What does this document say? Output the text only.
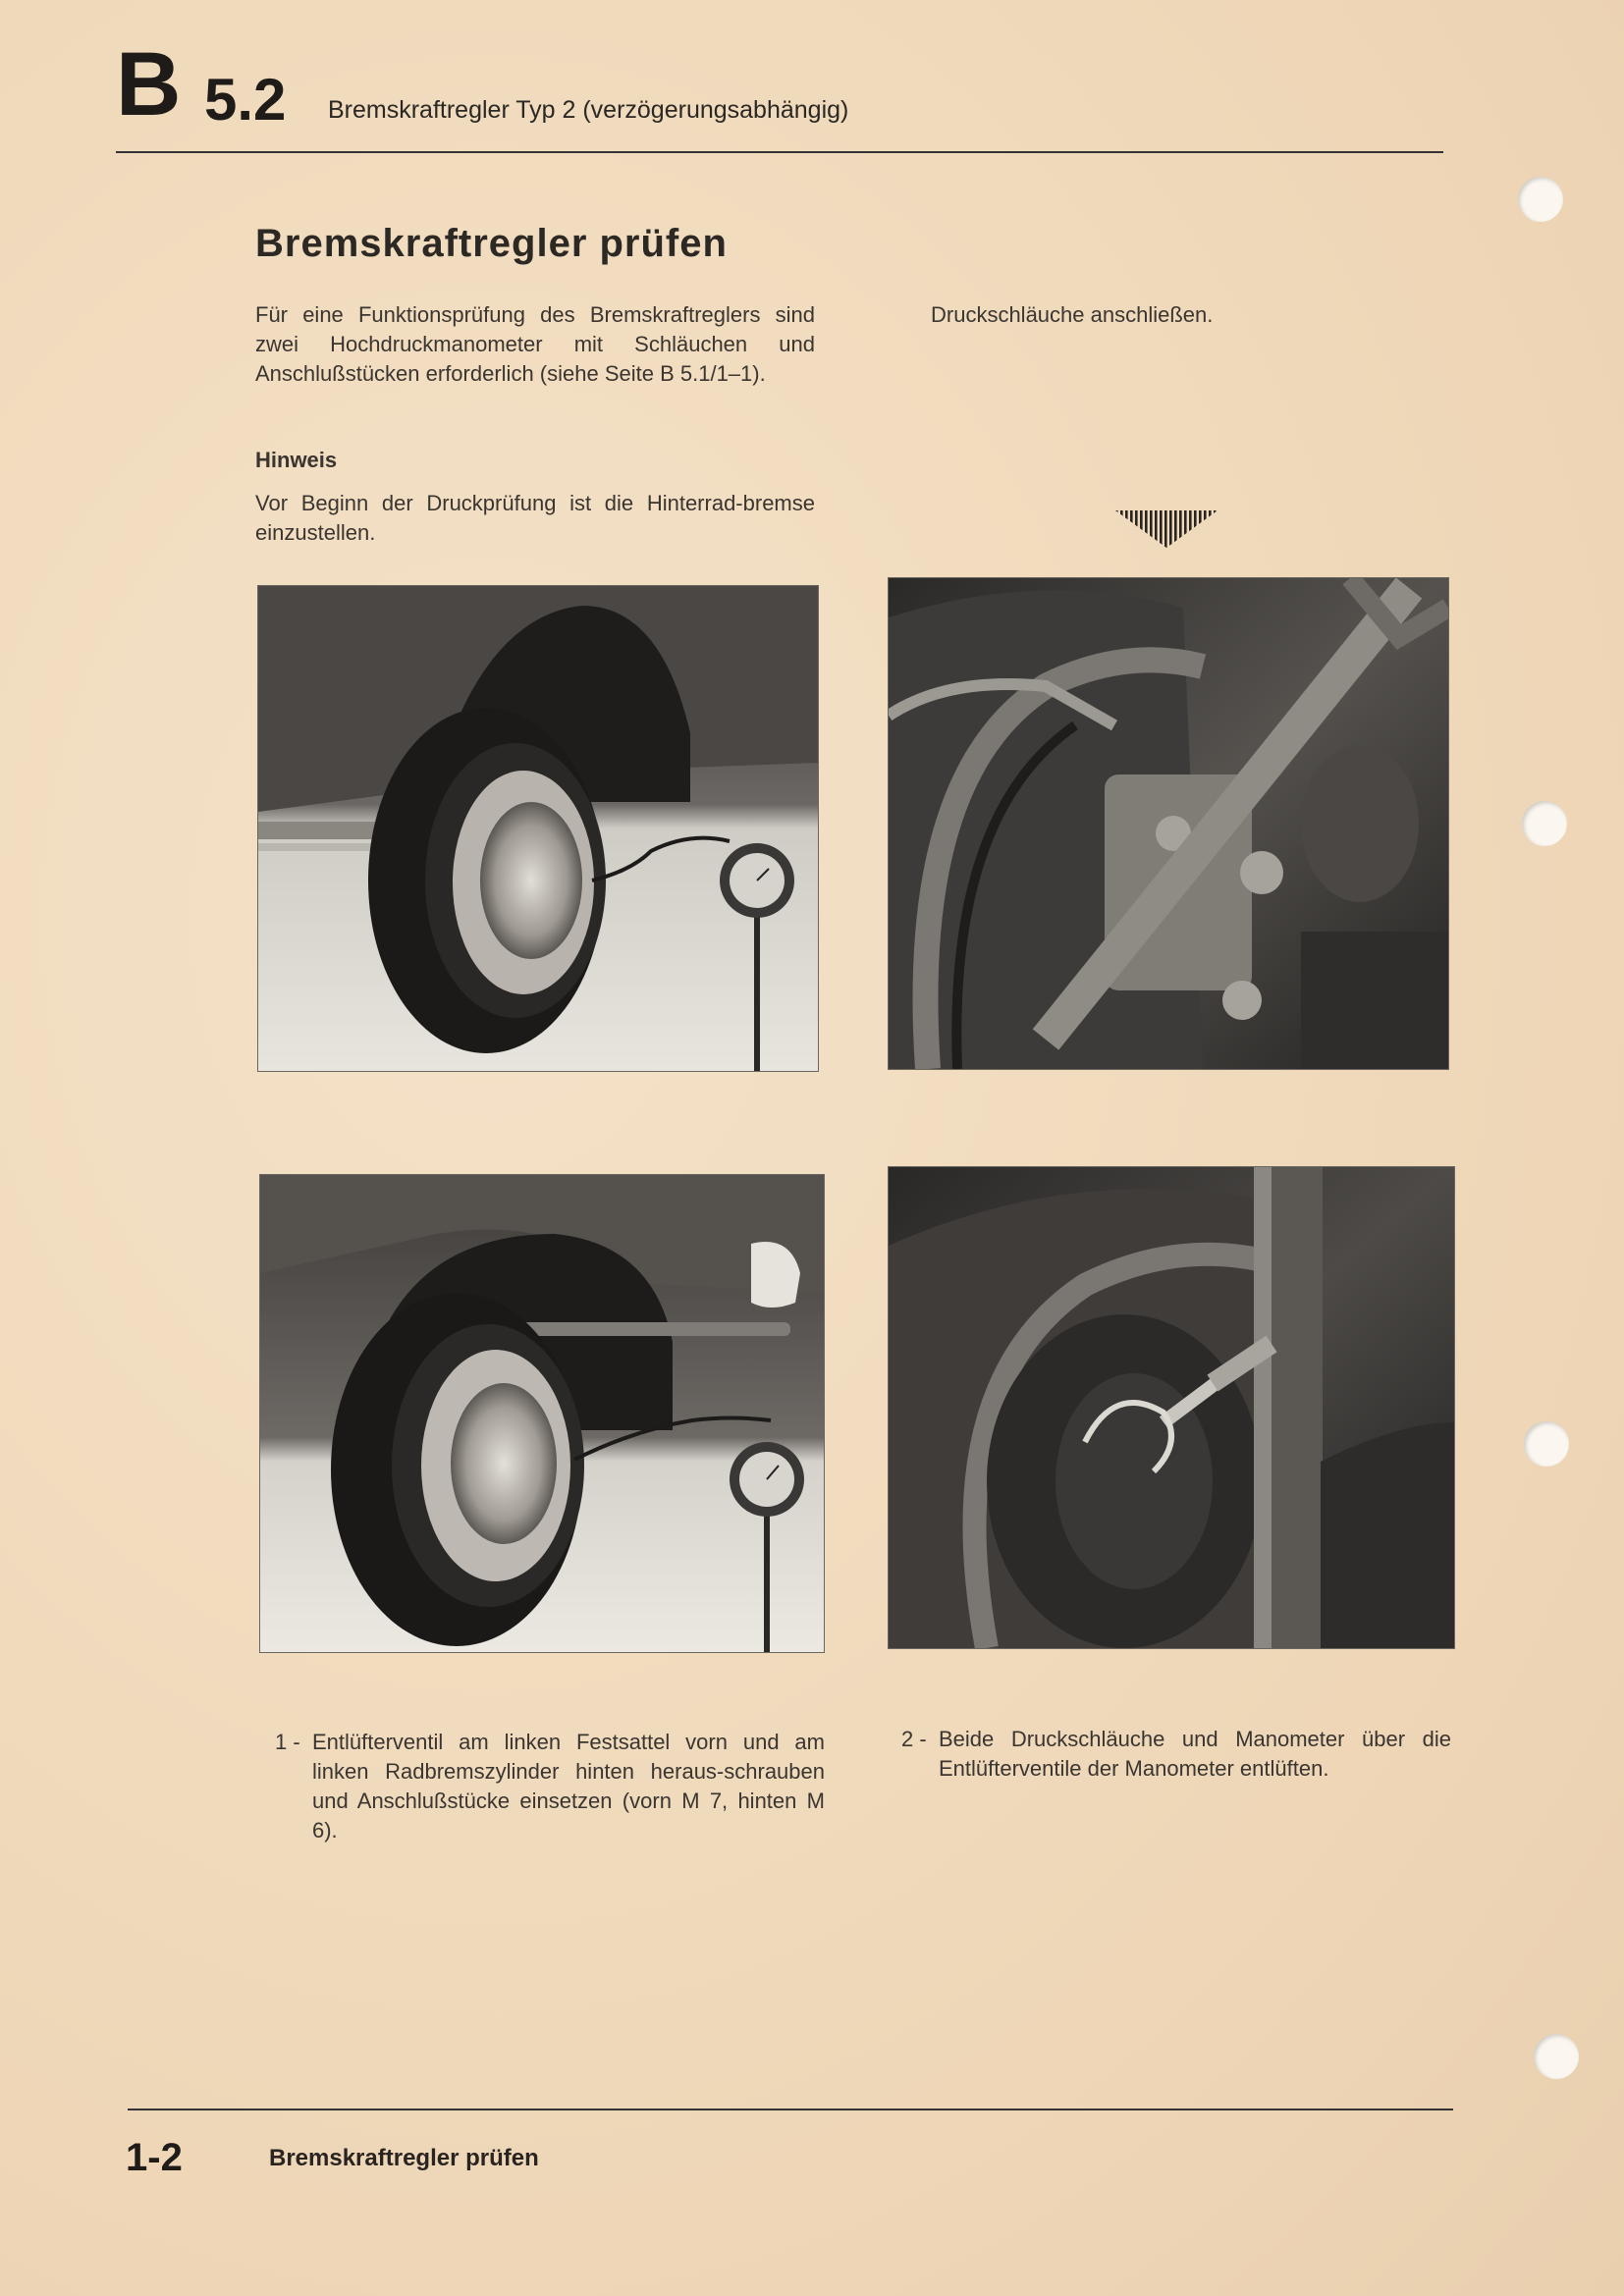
B 5.2 Bremskraftregler Typ 2 (verzögerungsabhängig)
Bremskraftregler prüfen
Für eine Funktionsprüfung des Bremskraftreglers sind zwei Hochdruckmanometer mit Schläuchen und Anschlußstücken erforderlich (siehe Seite B 5.1/1–1).
Hinweis
Vor Beginn der Druckprüfung ist die Hinterrad-bremse einzustellen.
Druckschläuche anschließen.
1 - Entlüfterventil am linken Festsattel vorn und am linken Radbremszylinder hinten heraus-schrauben und Anschlußstücke einsetzen (vorn M 7, hinten M 6).
2 - Beide Druckschläuche und Manometer über die Entlüfterventile der Manometer entlüften.
1-2	Bremskraftregler prüfen
